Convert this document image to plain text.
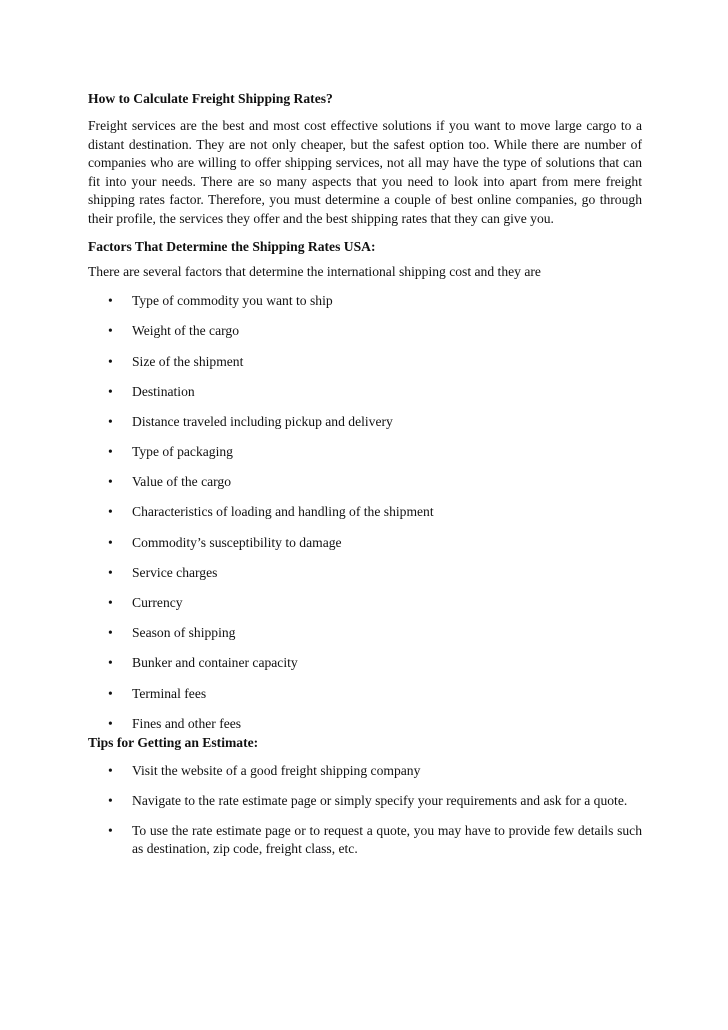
How to Calculate Freight Shipping Rates?

Freight services are the best and most cost effective solutions if you want to move large cargo to a distant destination. They are not only cheaper, but the safest option too. While there are number of companies who are willing to offer shipping services, not all may have the type of solutions that can fit into your needs. There are so many aspects that you need to look into apart from mere freight shipping rates factor. Therefore, you must determine a couple of best online companies, go through their profile, the services they offer and the best shipping rates that they can give you.

Factors That Determine the Shipping Rates USA:

There are several factors that determine the international shipping cost and they are

• Type of commodity you want to ship
• Weight of the cargo
• Size of the shipment
• Destination
• Distance traveled including pickup and delivery
• Type of packaging
• Value of the cargo
• Characteristics of loading and handling of the shipment
• Commodity’s susceptibility to damage
• Service charges
• Currency
• Season of shipping
• Bunker and container capacity
• Terminal fees
• Fines and other fees
Tips for Getting an Estimate:
• Visit the website of a good freight shipping company
• Navigate to the rate estimate page or simply specify your requirements and ask for a quote.
• To use the rate estimate page or to request a quote, you may have to provide few details such as destination, zip code, freight class, etc.
